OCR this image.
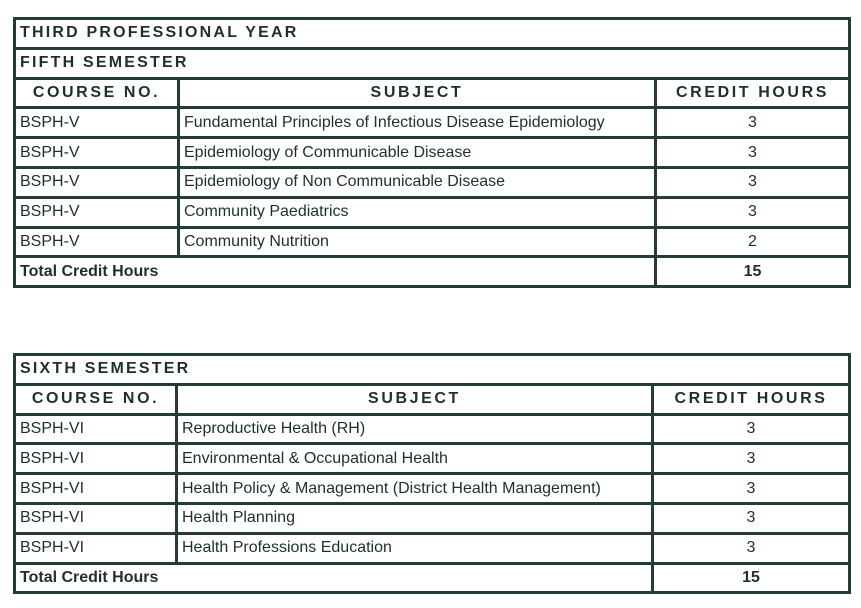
THIRD PROFESSIONAL YEAR		
FIFTH SEMESTER		
COURSE NO.	SUBJECT	CREDIT HOURS
BSPH-V	Fundamental Principles of Infectious Disease Epidemiology	3
BSPH-V	Epidemiology of Communicable Disease	3
BSPH-V	Epidemiology of Non Communicable Disease	3
BSPH-V	Community Paediatrics	3
BSPH-V	Community Nutrition	2
Total Credit Hours		15
SIXTH SEMESTER		
COURSE NO.	SUBJECT	CREDIT HOURS
BSPH-VI	Reproductive Health (RH)	3
BSPH-VI	Environmental & Occupational Health	3
BSPH-VI	Health Policy & Management (District Health Management)	3
BSPH-VI	Health Planning	3
BSPH-VI	Health Professions Education	3
Total Credit Hours		15
